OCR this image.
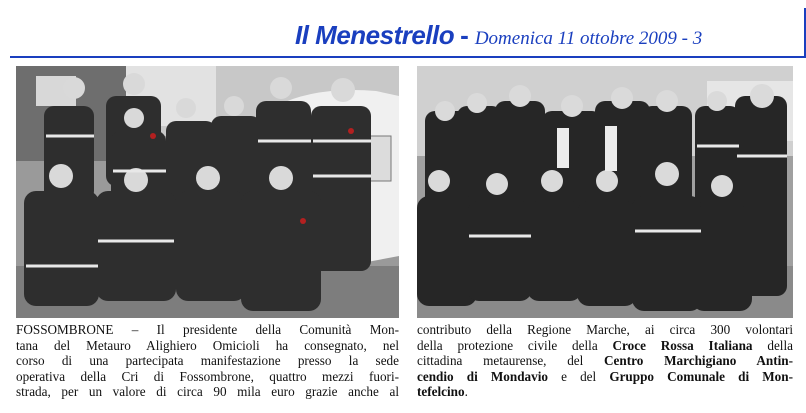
Il Menestrello - Domenica 11 ottobre 2009 - 3
FOSSOMBRONE – Il presidente della Comunità Mon-
tana del Metauro Alighiero Omicioli ha consegnato, nel
corso di una partecipata manifestazione presso la sede
operativa della Cri di Fossombrone, quattro mezzi fuori-
strada, per un valore di circa 90 mila euro grazie anche al
contributo della Regione Marche, ai circa 300 volontari
della protezione civile della Croce Rossa Italiana della
cittadina metaurense, del Centro Marchigiano Antin-
cendio di Mondavio e del Gruppo Comunale di Mon-
tefelcino.
